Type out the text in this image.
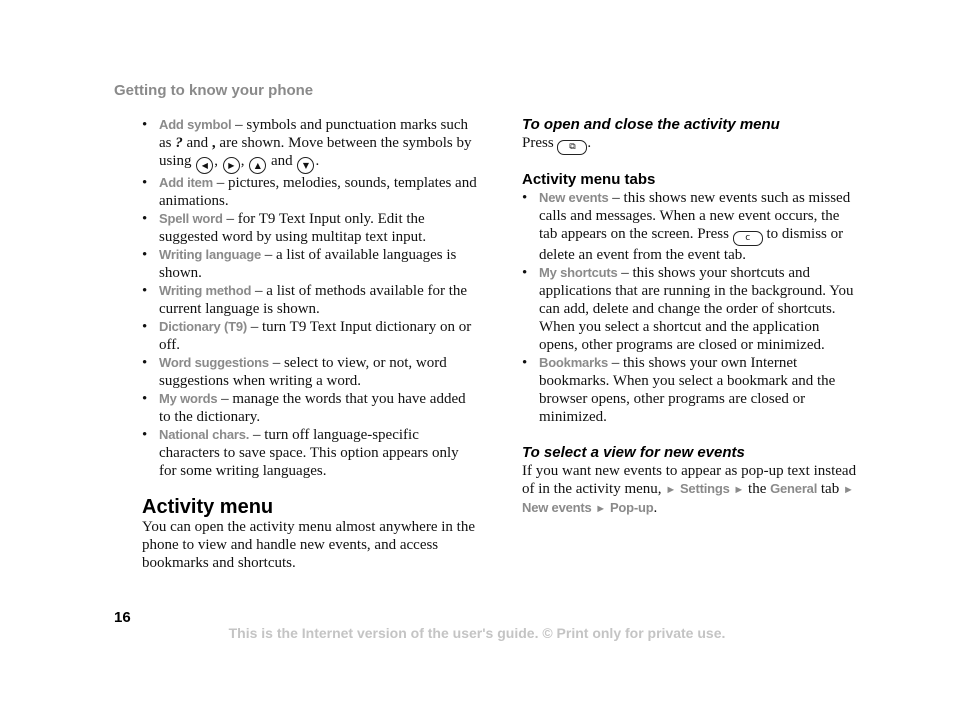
Getting to know your phone
• Add symbol – symbols and punctuation marks such as ? and , are shown. Move between the symbols by using ◀ , ▶ , ▲ and ▼ .
• Add item – pictures, melodies, sounds, templates and animations.
• Spell word – for T9 Text Input only. Edit the suggested word by using multitap text input.
• Writing language – a list of available languages is shown.
• Writing method – a list of methods available for the current language is shown.
• Dictionary (T9) – turn T9 Text Input dictionary on or off.
• Word suggestions – select to view, or not, word suggestions when writing a word.
• My words – manage the words that you have added to the dictionary.
• National chars. – turn off language-specific characters to save space. This option appears only for some writing languages.
Activity menu

You can open the activity menu almost anywhere in the phone to view and handle new events, and access bookmarks and shortcuts.

To open and close the activity menu

Press ⧉ .

Activity menu tabs
• New events – this shows new events such as missed calls and messages. When a new event occurs, the tab appears on the screen. Press c to dismiss or delete an event from the event tab.
• My shortcuts – this shows your shortcuts and applications that are running in the background. You can add, delete and change the order of shortcuts. When you select a shortcut and the application opens, other programs are closed or minimized.
• Bookmarks – this shows your own Internet bookmarks. When you select a bookmark and the browser opens, other programs are closed or minimized.
To select a view for new events

If you want new events to appear as pop-up text instead of in the activity menu, ► Settings ► the General tab ► New events ► Pop-up.

16
This is the Internet version of the user's guide. © Print only for private use.
